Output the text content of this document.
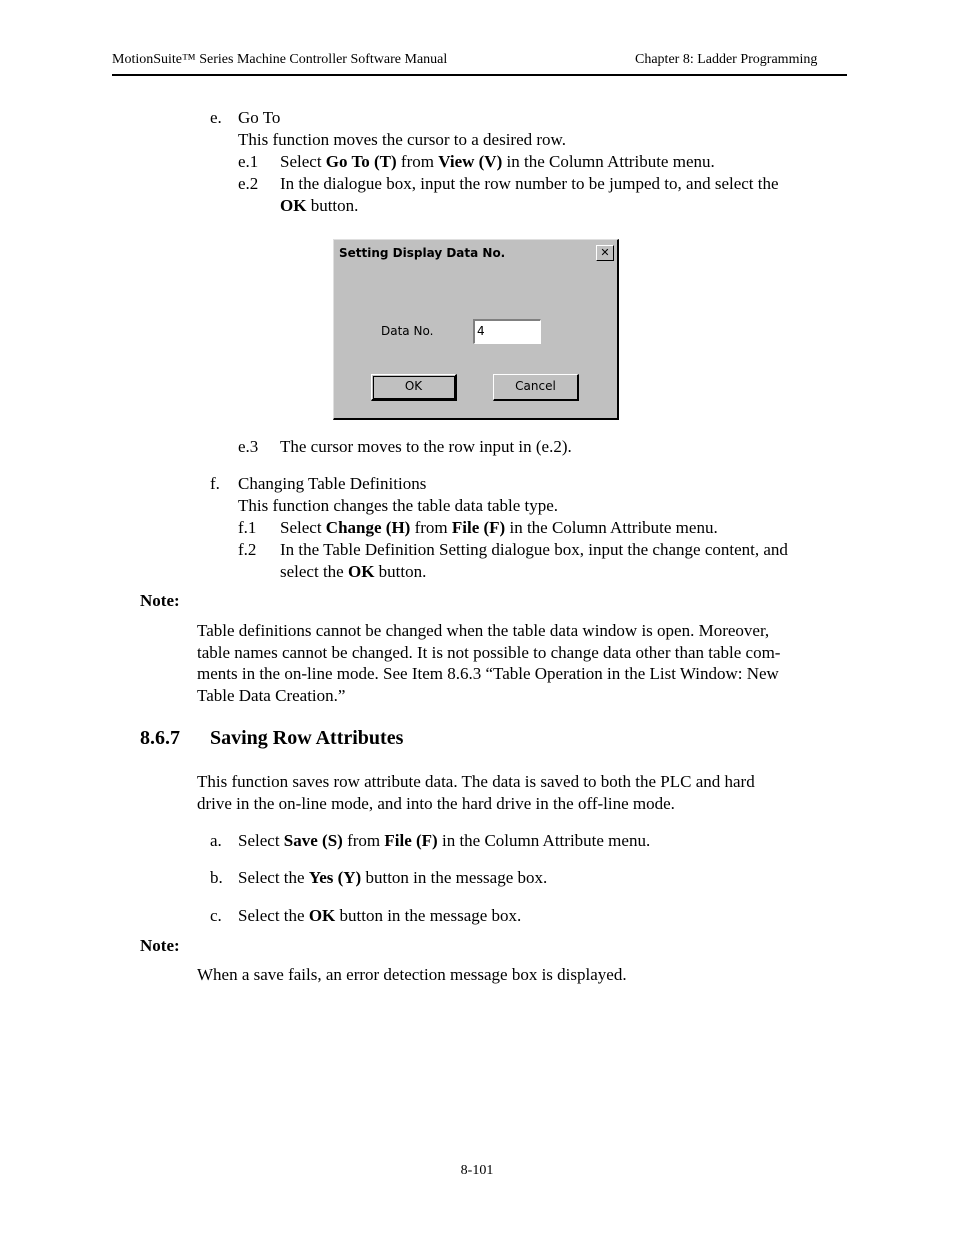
MotionSuite™ Series Machine Controller Software Manual	Chapter 8: Ladder Programming
e. Go To
This function moves the cursor to a desired row.
e.1 Select Go To (T) from View (V) in the Column Attribute menu.
e.2 In the dialogue box, input the row number to be jumped to, and select the
OK button.
Setting Display Data No.	✕
Data No.	4
OK	Cancel
e.3 The cursor moves to the row input in (e.2).
f. Changing Table Definitions
This function changes the table data table type.
f.1 Select Change (H) from File (F) in the Column Attribute menu.
f.2 In the Table Definition Setting dialogue box, input the change content, and
select the OK button.
Note:
Table definitions cannot be changed when the table data window is open. Moreover,
table names cannot be changed. It is not possible to change data other than table com-
ments in the on-line mode. See Item 8.6.3 “Table Operation in the List Window: New
Table Data Creation.”
8.6.7 Saving Row Attributes
This function saves row attribute data. The data is saved to both the PLC and hard
drive in the on-line mode, and into the hard drive in the off-line mode.
a. Select Save (S) from File (F) in the Column Attribute menu.
b. Select the Yes (Y) button in the message box.
c. Select the OK button in the message box.
Note:
When a save fails, an error detection message box is displayed.
8-101
